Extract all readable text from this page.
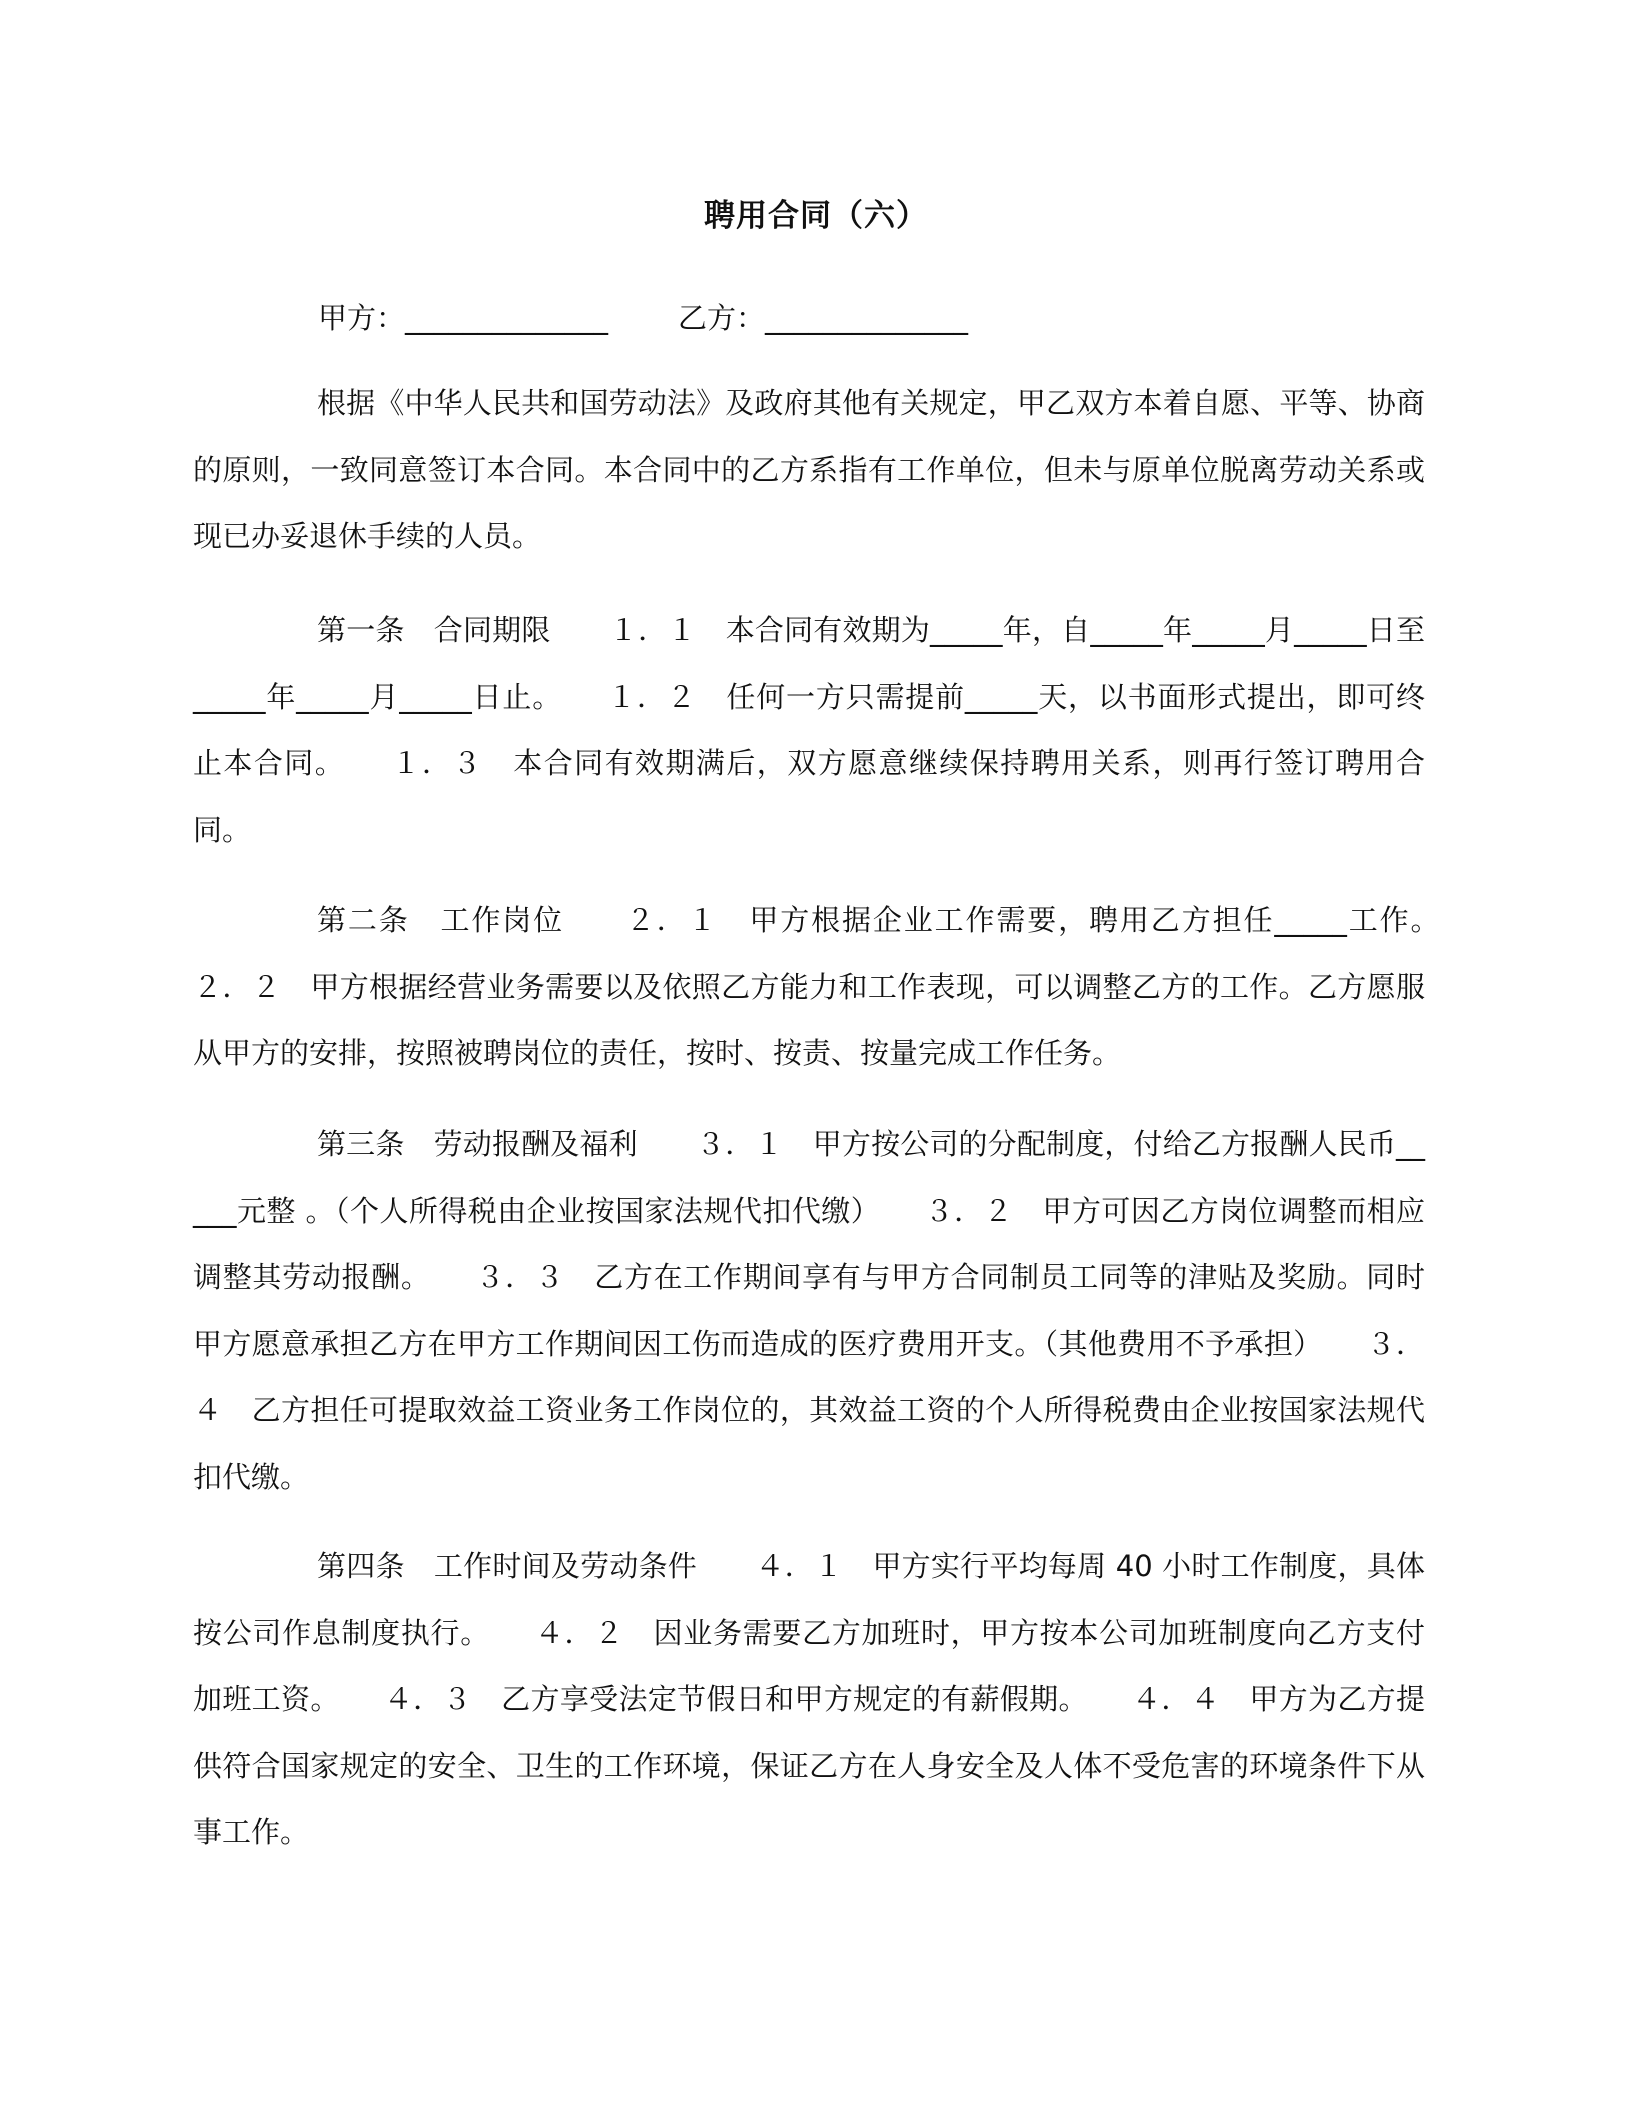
聘用合同（六）
甲方：______________ 乙方：______________

根据《中华人民共和国劳动法》及政府其他有关规定，甲乙双方本着自愿、平等、协商的原则，一致同意签订本合同。本合同中的乙方系指有工作单位，但未与原单位脱离劳动关系或现已办妥退休手续的人员。

第一条　合同期限　　１．１　本合同有效期为_____年，自_____年_____月_____日至_____年_____月_____日止。　　１．２　任何一方只需提前_____天，以书面形式提出，即可终止本合同。　　１．３　本合同有效期满后，双方愿意继续保持聘用关系，则再行签订聘用合同。

第二条　工作岗位　　２．１　甲方根据企业工作需要，聘用乙方担任_____工作。　　２．２　甲方根据经营业务需要以及依照乙方能力和工作表现，可以调整乙方的工作。乙方愿服从甲方的安排，按照被聘岗位的责任，按时、按责、按量完成工作任务。

第三条　劳动报酬及福利　　３．１　甲方按公司的分配制度，付给乙方报酬人民币_____元整 。（个人所得税由企业按国家法规代扣代缴）　　３．２　甲方可因乙方岗位调整而相应调整其劳动报酬。　　３．３　乙方在工作期间享有与甲方合同制员工同等的津贴及奖励。同时甲方愿意承担乙方在甲方工作期间因工伤而造成的医疗费用开支。（其他费用不予承担）　　３．４　乙方担任可提取效益工资业务工作岗位的，其效益工资的个人所得税费由企业按国家法规代扣代缴。

第四条　工作时间及劳动条件　　４．１　甲方实行平均每周 40 小时工作制度，具体按公司作息制度执行。　　４．２　因业务需要乙方加班时，甲方按本公司加班制度向乙方支付加班工资。　　４．３　乙方享受法定节假日和甲方规定的有薪假期。　　４．４　甲方为乙方提供符合国家规定的安全、卫生的工作环境，保证乙方在人身安全及人体不受危害的环境条件下从事工作。
